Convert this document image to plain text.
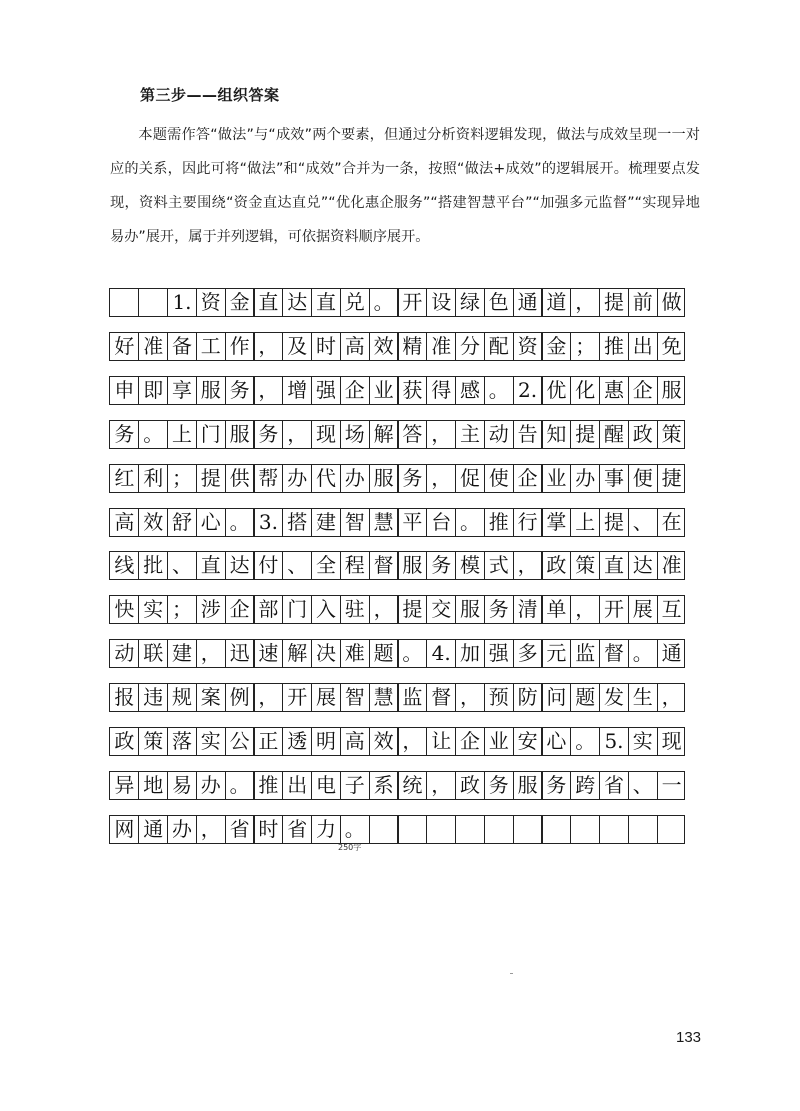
第三步——组织答案
本题需作答“做法”与“成效”两个要素，但通过分析资料逻辑发现，做法与成效呈现一一对应的关系，因此可将“做法”和“成效”合并为一条，按照“做法+成效”的逻辑展开。梳理要点发现，资料主要围绕“资金直达直兑”“优化惠企服务”“搭建智慧平台”“加强多元监督”“实现异地易办”展开，属于并列逻辑，可依据资料顺序展开。
1. 资 金 直 达 直 兑 。 开 设 绿 色 通 道 ， 提 前 做
好 准 备 工 作 ， 及 时 高 效 精 准 分 配 资 金 ； 推 出 免
申 即 享 服 务 ， 增 强 企 业 获 得 感 。 2. 优 化 惠 企 服
务 。 上 门 服 务 ， 现 场 解 答 ， 主 动 告 知 提 醒 政 策
红 利 ； 提 供 帮 办 代 办 服 务 ， 促 使 企 业 办 事 便 捷
高 效 舒 心 。 3. 搭 建 智 慧 平 台 。 推 行 掌 上 提 、 在
线 批 、 直 达 付 、 全 程 督 服 务 模 式 ， 政 策 直 达 准
快 实 ； 涉 企 部 门 入 驻 ， 提 交 服 务 清 单 ， 开 展 互
动 联 建 ， 迅 速 解 决 难 题 。 4. 加 强 多 元 监 督 。 通
报 违 规 案 例 ， 开 展 智 慧 监 督 ， 预 防 问 题 发 生 ，
政 策 落 实 公 正 透 明 高 效 ， 让 企 业 安 心 。 5. 实 现
异 地 易 办 。 推 出 电 子 系 统 ， 政 务 服 务 跨 省 、 一
网 通 办 ， 省 时 省 力 。
250字
133
